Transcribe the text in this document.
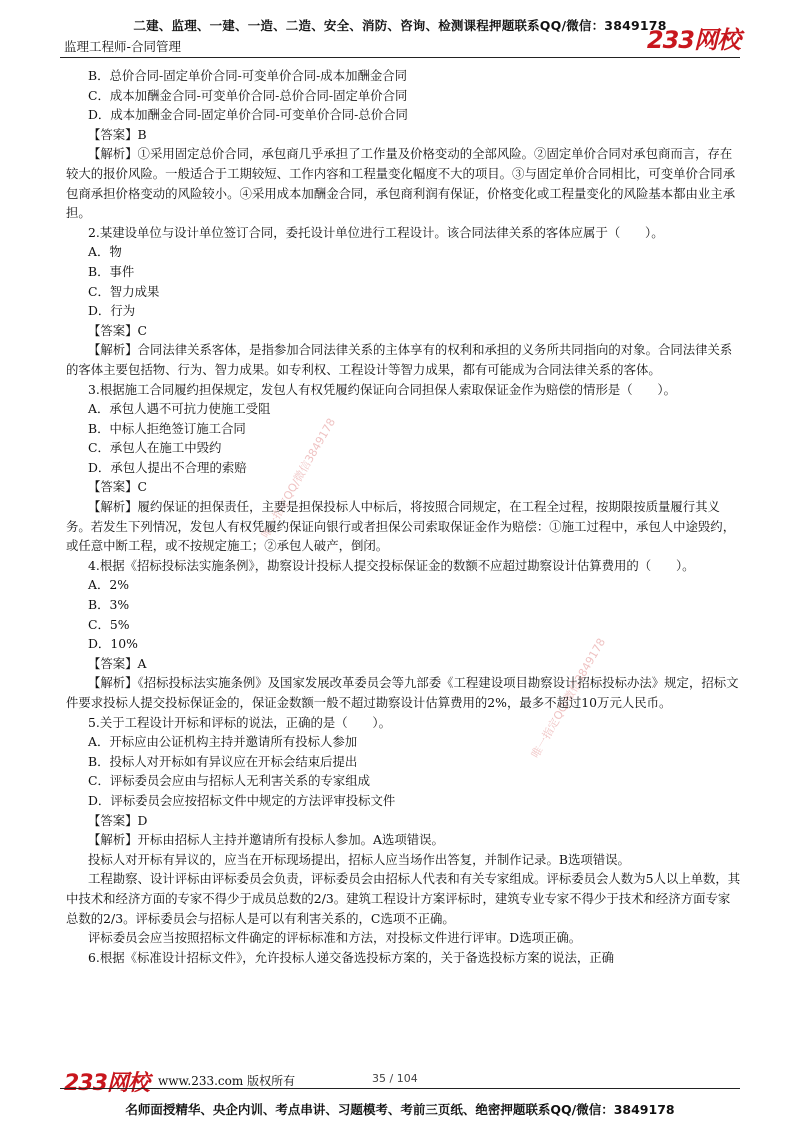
二建、监理、一建、一造、二造、安全、消防、咨询、检测课程押题联系QQ/微信：3849178
监理工程师-合同管理	233网校
唯一指定QQ/微信3849178
唯一指定QQ/微信3849178

B．总价合同-固定单价合同-可变单价合同-成本加酬金合同

C．成本加酬金合同-可变单价合同-总价合同-固定单价合同

D．成本加酬金合同-固定单价合同-可变单价合同-总价合同

【答案】B

【解析】①采用固定总价合同，承包商几乎承担了工作量及价格变动的全部风险。②固定单价合同对承包商而言，存在较大的报价风险。一般适合于工期较短、工作内容和工程量变化幅度不大的项目。③与固定单价合同相比，可变单价合同承包商承担价格变动的风险较小。④采用成本加酬金合同，承包商利润有保证，价格变化或工程量变化的风险基本都由业主承担。

2.某建设单位与设计单位签订合同，委托设计单位进行工程设计。该合同法律关系的客体应属于（　　）。

A．物

B．事件

C．智力成果

D．行为

【答案】C

【解析】合同法律关系客体，是指参加合同法律关系的主体享有的权利和承担的义务所共同指向的对象。合同法律关系的客体主要包括物、行为、智力成果。如专利权、工程设计等智力成果，都有可能成为合同法律关系的客体。

3.根据施工合同履约担保规定，发包人有权凭履约保证向合同担保人索取保证金作为赔偿的情形是（　　）。

A．承包人遇不可抗力使施工受阻

B．中标人拒绝签订施工合同

C．承包人在施工中毁约

D．承包人提出不合理的索赔

【答案】C

【解析】履约保证的担保责任，主要是担保投标人中标后，将按照合同规定，在工程全过程，按期限按质量履行其义务。若发生下列情况，发包人有权凭履约保证向银行或者担保公司索取保证金作为赔偿：①施工过程中，承包人中途毁约，或任意中断工程，或不按规定施工；②承包人破产，倒闭。

4.根据《招标投标法实施条例》，勘察设计投标人提交投标保证金的数额不应超过勘察设计估算费用的（　　）。

A．2%

B．3%

C．5%

D．10%

【答案】A

【解析】《招标投标法实施条例》及国家发展改革委员会等九部委《工程建设项目勘察设计招标投标办法》规定，招标文件要求投标人提交投标保证金的，保证金数额一般不超过勘察设计估算费用的2%，最多不超过10万元人民币。

5.关于工程设计开标和评标的说法，正确的是（　　）。

A．开标应由公证机构主持并邀请所有投标人参加

B．投标人对开标如有异议应在开标会结束后提出

C．评标委员会应由与招标人无利害关系的专家组成

D．评标委员会应按招标文件中规定的方法评审投标文件

【答案】D

【解析】开标由招标人主持并邀请所有投标人参加。A选项错误。

投标人对开标有异议的，应当在开标现场提出，招标人应当场作出答复，并制作记录。B选项错误。

工程勘察、设计评标由评标委员会负责，评标委员会由招标人代表和有关专家组成。评标委员会人数为5人以上单数，其中技术和经济方面的专家不得少于成员总数的2/3。建筑工程设计方案评标时，建筑专业专家不得少于技术和经济方面专家总数的2/3。评标委员会与招标人是可以有利害关系的，C选项不正确。

评标委员会应当按照招标文件确定的评标标准和方法，对投标文件进行评审。D选项正确。

6.根据《标准设计招标文件》，允许投标人递交备选投标方案的，关于备选投标方案的说法，正确

233网校 www.233.com 版权所有	35 / 104
名师面授精华、央企内训、考点串讲、习题模考、考前三页纸、绝密押题联系QQ/微信：3849178
